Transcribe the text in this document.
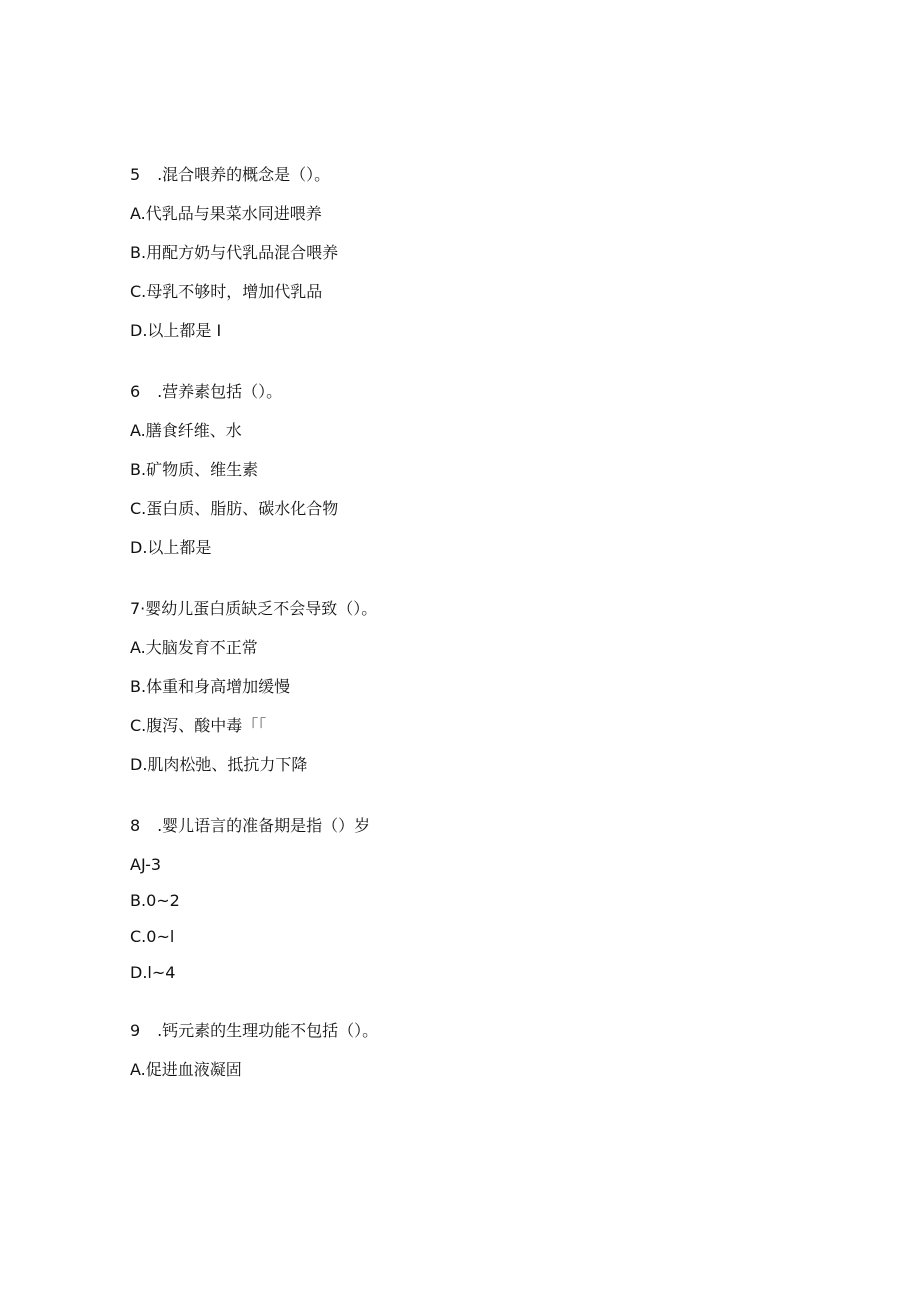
5 .混合喂养的概念是（）。
A.代乳品与果菜水同进喂养
B.用配方奶与代乳品混合喂养
C.母乳不够时，增加代乳品
D.以上都是 I
6 .营养素包括（）。
A.膳食纤维、水
B.矿物质、维生素
C.蛋白质、脂肪、碳水化合物
D.以上都是
7·婴幼儿蛋白质缺乏不会导致（）。
A.大脑发育不正常
B.体重和身高增加缓慢
C.腹泻、酸中毒「「
D.肌肉松弛、抵抗力下降
8 .婴儿语言的准备期是指（）岁
AJ-3
B.0~2
C.0~l
D.l~4
9 .钙元素的生理功能不包括（）。
A.促进血液凝固
